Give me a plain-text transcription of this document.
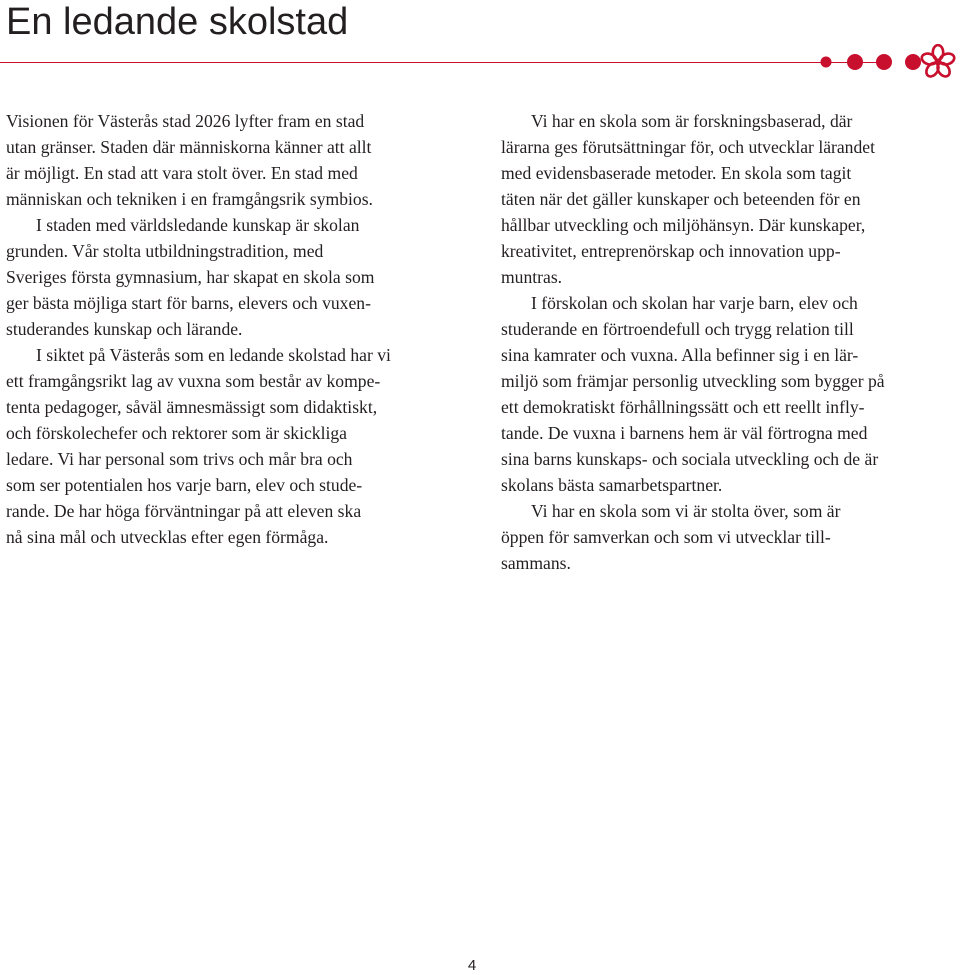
En ledande skolstad

Visionen för Västerås stad 2026 lyfter fram en stad

utan gränser. Staden där människorna känner att allt

är möjligt. En stad att vara stolt över. En stad med

människan och tekniken i en framgångsrik symbios.

I staden med världsledande kunskap är skolan

grunden. Vår stolta utbildningstradition, med

Sveriges första gymnasium, har skapat en skola som

ger bästa möjliga start för barns, elevers och vuxen-

studerandes kunskap och lärande.

I siktet på Västerås som en ledande skolstad har vi

ett framgångsrikt lag av vuxna som består av kompe-

tenta pedagoger, såväl ämnesmässigt som didaktiskt,

och förskolechefer och rektorer som är skickliga

ledare. Vi har personal som trivs och mår bra och

som ser potentialen hos varje barn, elev och stude-

rande. De har höga förväntningar på att eleven ska

nå sina mål och utvecklas efter egen förmåga.

Vi har en skola som är forskningsbaserad, där

lärarna ges förutsättningar för, och utvecklar lärandet

med evidensbaserade metoder. En skola som tagit

täten när det gäller kunskaper och beteenden för en

hållbar utveckling och miljöhänsyn. Där kunskaper,

kreativitet, entreprenörskap och innovation upp-

muntras.

I förskolan och skolan har varje barn, elev och

studerande en förtroendefull och trygg relation till

sina kamrater och vuxna. Alla befinner sig i en lär-

miljö som främjar personlig utveckling som bygger på

ett demokratiskt förhållningssätt och ett reellt infly-

tande. De vuxna i barnens hem är väl förtrogna med

sina barns kunskaps- och sociala utveckling och de är

skolans bästa samarbetspartner.

Vi har en skola som vi är stolta över, som är

öppen för samverkan och som vi utvecklar till-

sammans.

4
